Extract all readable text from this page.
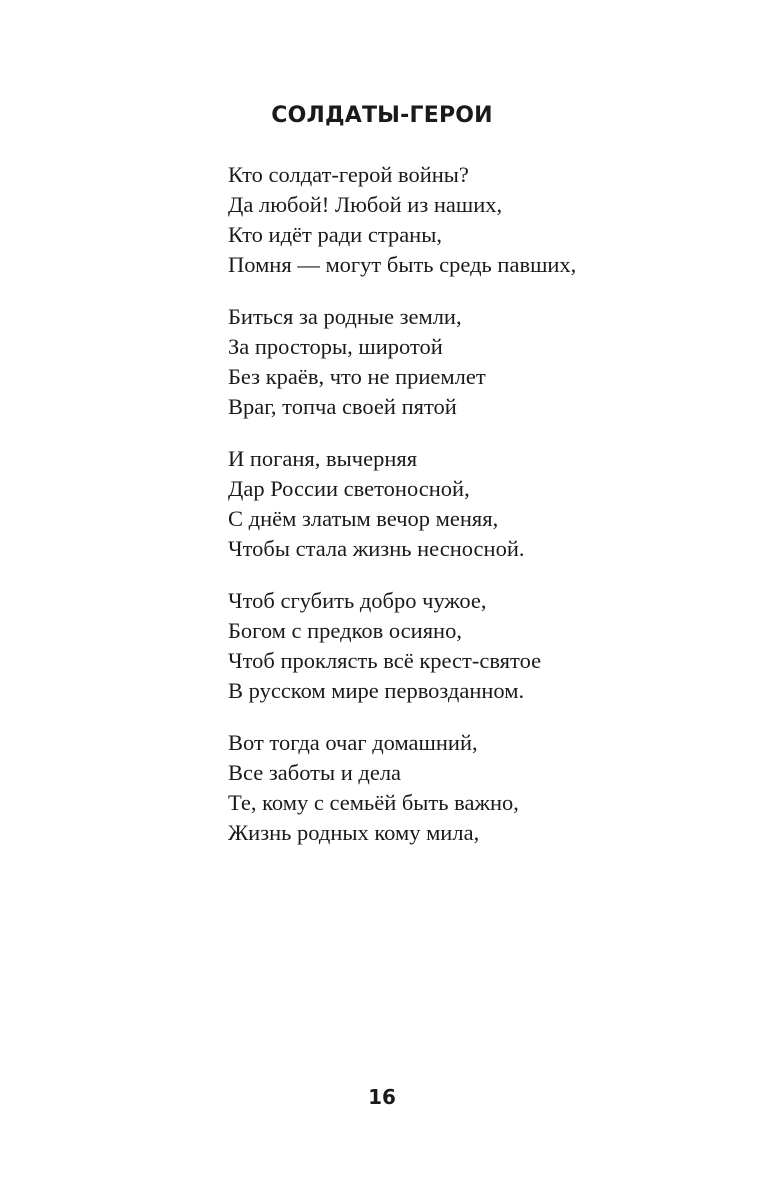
СОЛДАТЫ-ГЕРОИ
Кто солдат-герой войны?
Да любой! Любой из наших,
Кто идёт ради страны,
Помня — могут быть средь павших,
Биться за родные земли,
За просторы, широтой
Без краёв, что не приемлет
Враг, топча своей пятой
И поганя, вычерняя
Дар России светоносной,
С днём златым вечор меняя,
Чтобы стала жизнь несносной.
Чтоб сгубить добро чужое,
Богом с предков осияно,
Чтоб проклясть всё крест-святое
В русском мире первозданном.
Вот тогда очаг домашний,
Все заботы и дела
Те, кому с семьёй быть важно,
Жизнь родных кому мила,
16
